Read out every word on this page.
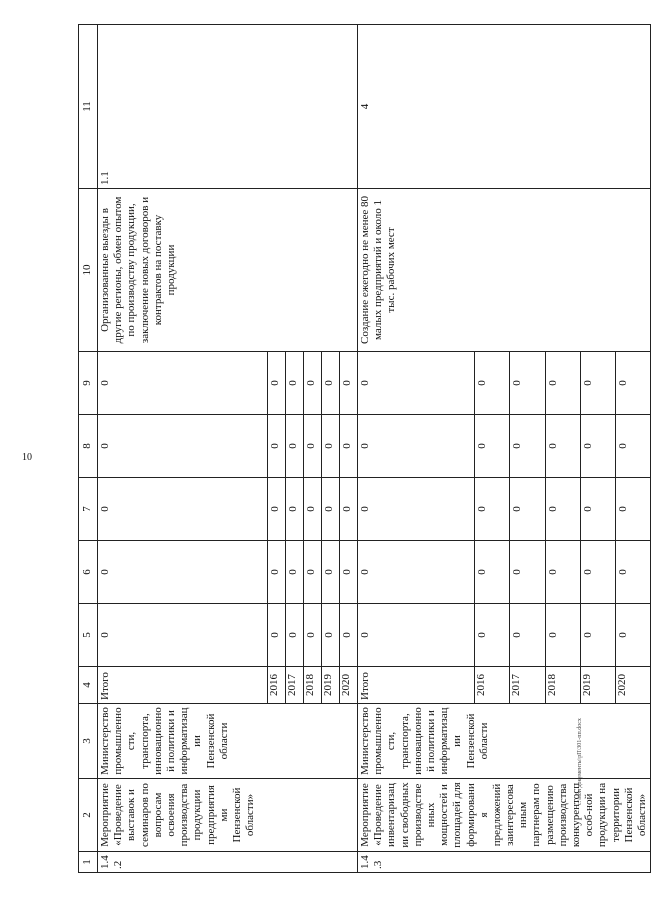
10
1	2	3	4	5	6	7	8	9	10	11
1.4.2	Мероприятие «Проведение выставок и семинаров по вопросам освоения производства продукции предприятиями Пензенской области»	Министерство промышленности, транспорта, инновационной политики и информатизации Пензенской области	Итого	0	0	0	0	0	Организованные выезды в другие регионы, обмен опытом по производству продукции, заключение новых договоров и контрактов на поставку продукции	1.1
			2016	0	0	0	0	0		
			2017	0	0	0	0	0		
			2018	0	0	0	0	0		
			2019	0	0	0	0	0		
			2020	0	0	0	0	0		
1.4.3	Мероприятие «Проведение инвентаризации свободных производственных мощностей и площадей для формирования предложений заинтересованным партнерам по размещению производства конкурентоспособ-ной продукции на территории Пензенской области»	Министерство промышленности, транспорта, инновационной политики и информатизации Пензенской области	Итого	0	0	0	0	0	Создание ежегодно не менее 80 малых предприятий и около 1 тыс. рабочих мест	4
			2016	0	0	0	0	0		
			2017	0	0	0	0	0		
			2018	0	0	0	0	0		
			2019	0	0	0	0	0		
			2020	0	0	0	0	0		
c:\мои документы\рП\301-пп.docx
